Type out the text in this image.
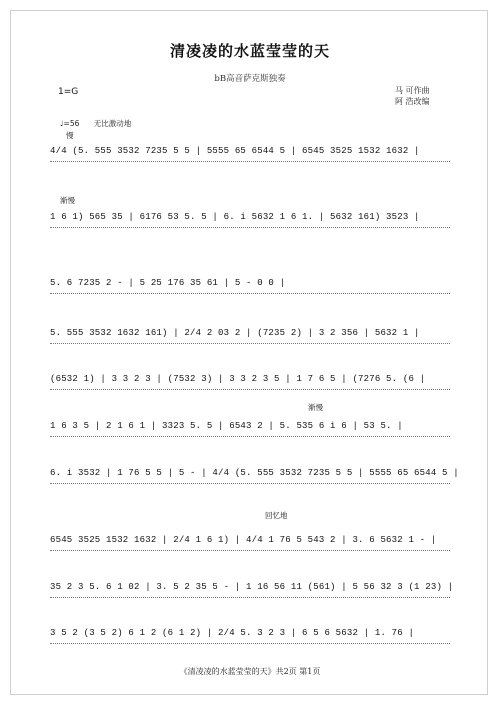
清凌凌的水蓝莹莹的天
bB高音萨克斯独奏
1=G	马 可作曲
阿 浩改编
♩=56 无比激动地
慢
渐慢
渐慢
回忆地
4/4 (5. 555 3532 7235 5 5 | 5555 65 6544 5 | 6545 3525 1532 1632 |
1 6 1) 565 35 | 6176 53 5. 5 | 6. i 5632 1 6 1. | 5632 161) 3523 |
5. 6 7235 2 - | 5 25 176 35 61 | 5 - 0 0 |
5. 555 3532 1632 161) | 2/4 2 03 2 | (7235 2) | 3 2 356 | 5632 1 |
(6532 1) | 3 3 2 3 | (7532 3) | 3 3 2 3 5 | 1 7 6 5 | (7276 5. (6 |
1 6 3 5 | 2 1 6 1 | 3323 5. 5 | 6543 2 | 5. 535 6 i 6 | 53 5. |
6. i 3532 | 1 76 5 5 | 5 - | 4/4 (5. 555 3532 7235 5 5 | 5555 65 6544 5 |
6545 3525 1532 1632 | 2/4 1 6 1) | 4/4 1 76 5 543 2 | 3. 6 5632 1 - |
35 2 3 5. 6 1 02 | 3. 5 2 35 5 - | 1 16 56 11 (561) | 5 56 32 3 (1 23) |
3 5 2 (3 5 2) 6 1 2 (6 1 2) | 2/4 5. 3 2 3 | 6 5 6 5632 | 1. 76 |
《清凌凌的水蓝莹莹的天》共2页 第1页
